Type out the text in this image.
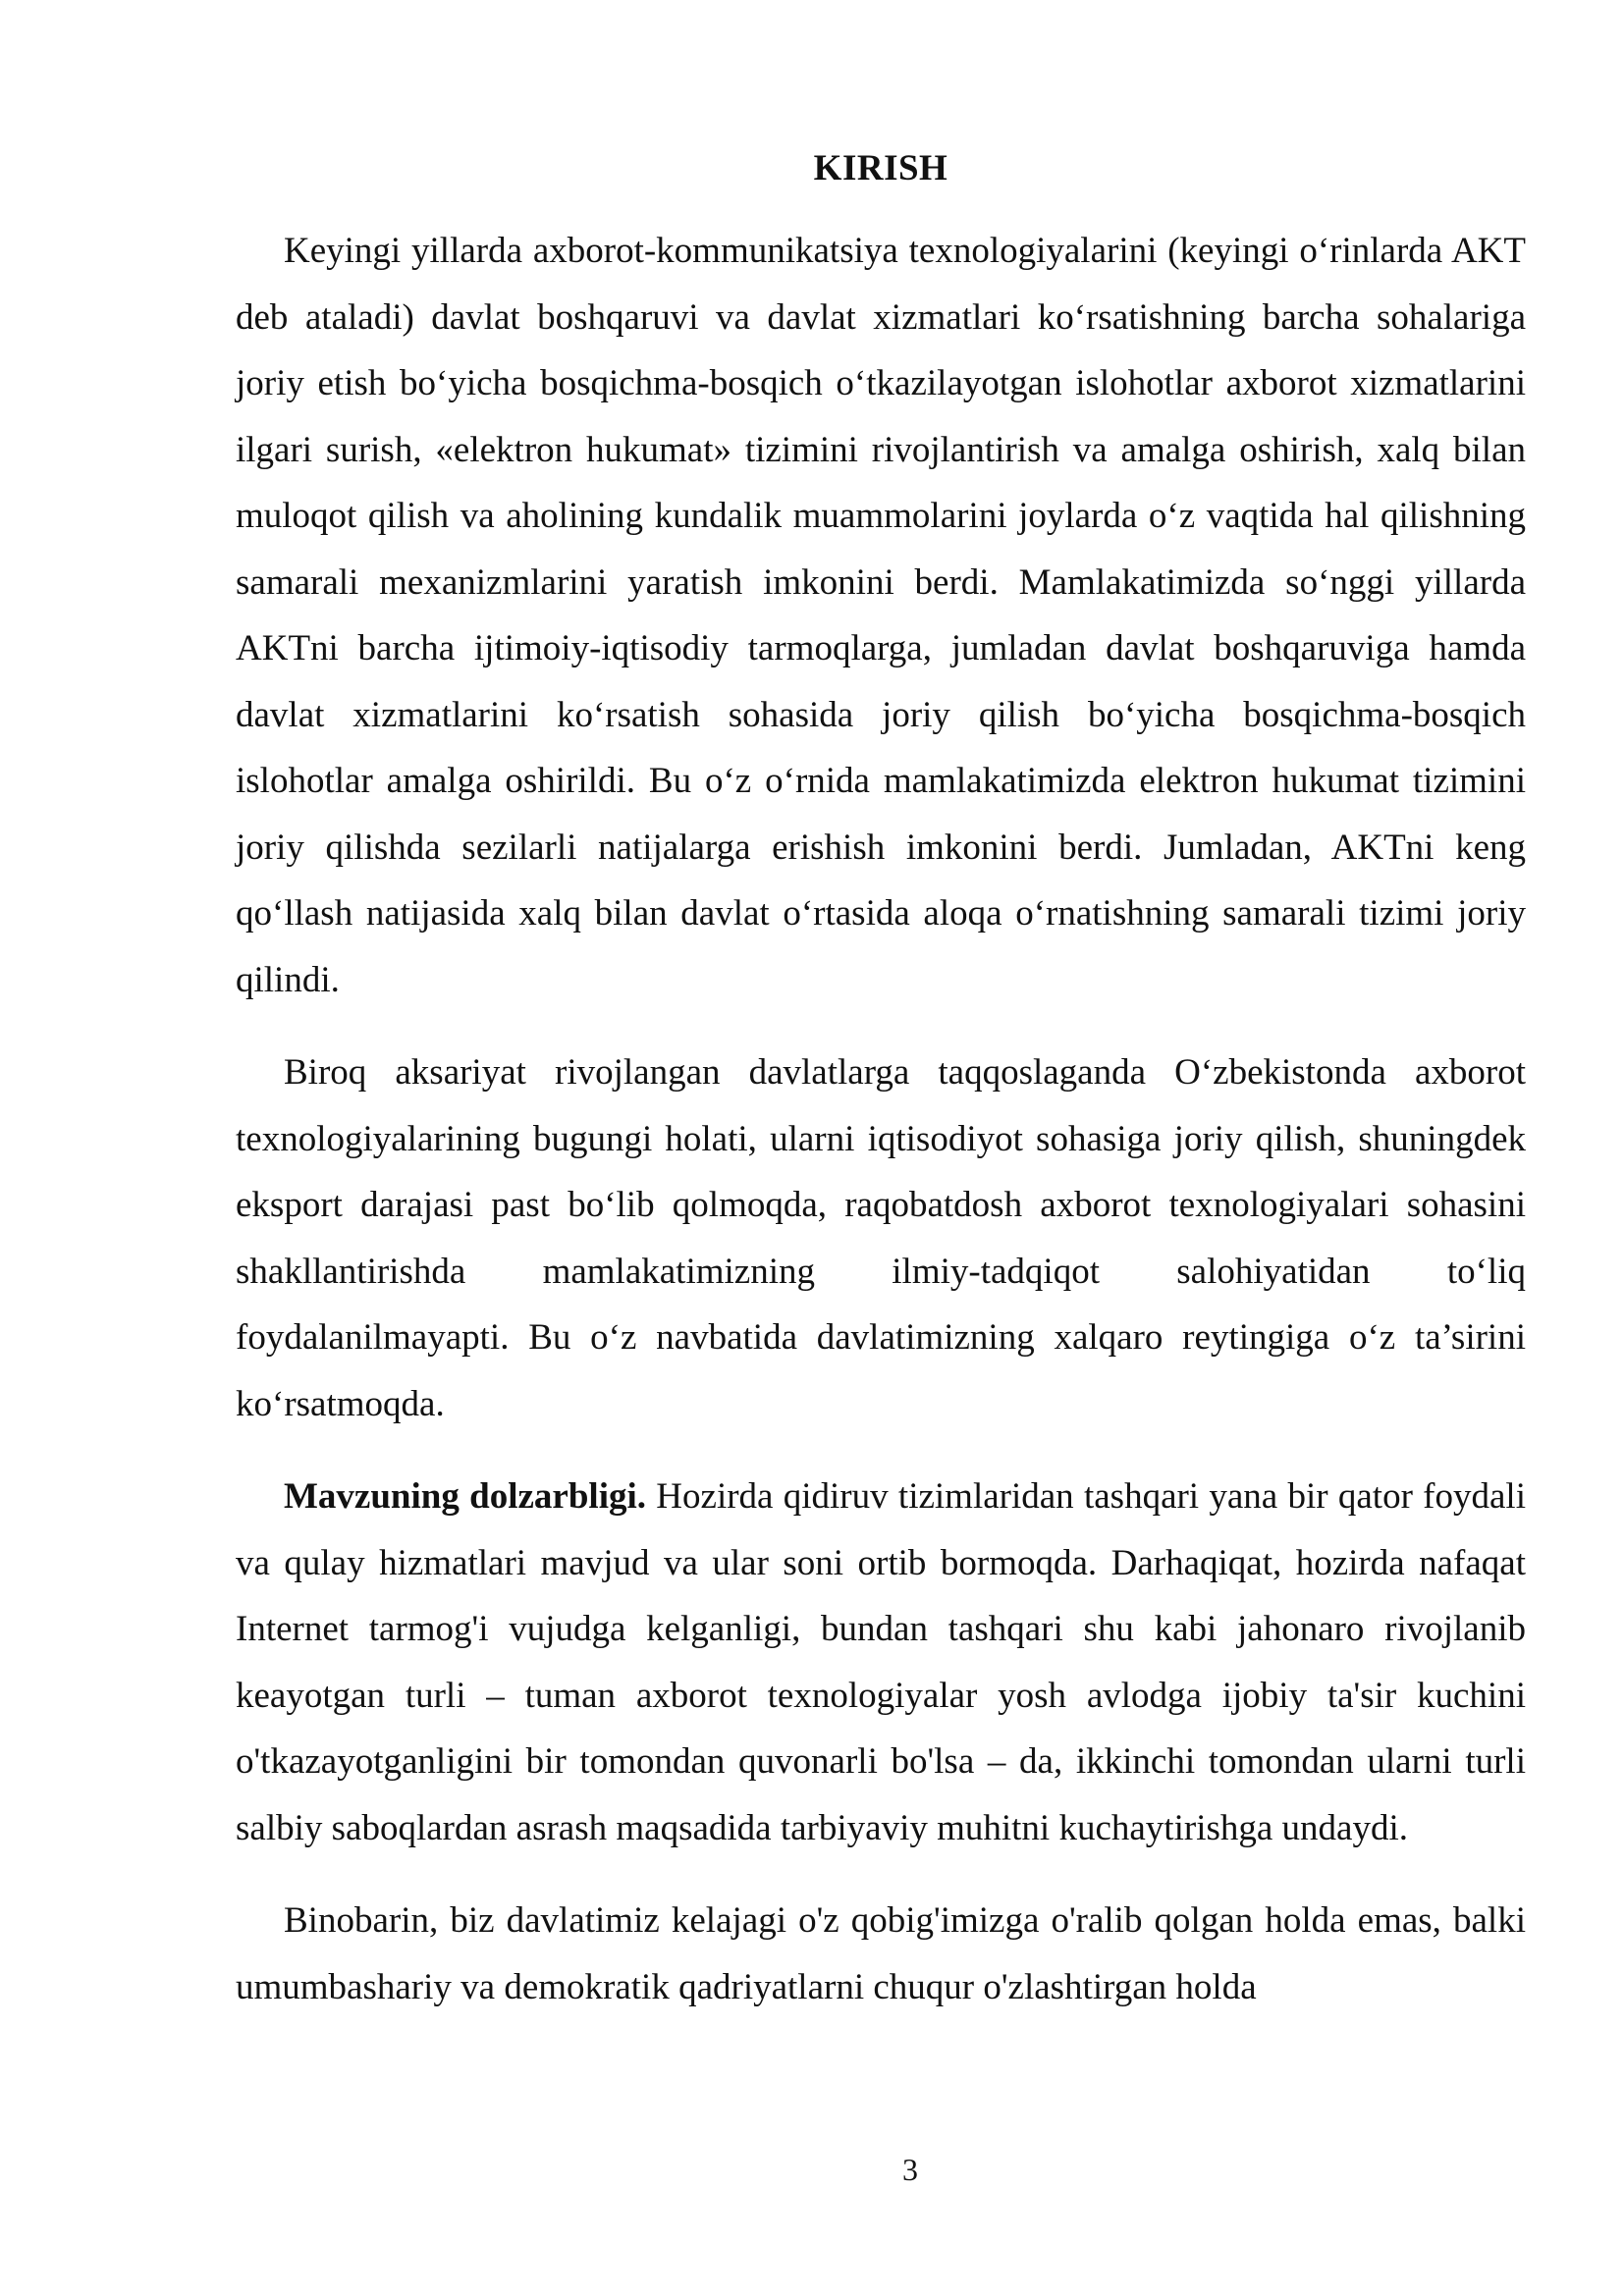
KIRISH

Keyingi yillarda axborot-kommunikatsiya texnologiyalarini (keyingi o‘rinlarda AKT deb ataladi) davlat boshqaruvi va davlat xizmatlari ko‘rsatishning barcha sohalariga joriy etish bo‘yicha bosqichma-bosqich o‘tkazilayotgan islohotlar axborot xizmatlarini ilgari surish, «elektron hukumat» tizimini rivojlantirish va amalga oshirish, xalq bilan muloqot qilish va aholining kundalik muammolarini joylarda o‘z vaqtida hal qilishning samarali mexanizmlarini yaratish imkonini berdi. Mamlakatimizda so‘nggi yillarda AKTni barcha ijtimoiy-iqtisodiy tarmoqlarga, jumladan davlat boshqaruviga hamda davlat xizmatlarini ko‘rsatish sohasida joriy qilish bo‘yicha bosqichma-bosqich islohotlar amalga oshirildi. Bu o‘z o‘rnida mamlakatimizda elektron hukumat tizimini joriy qilishda sezilarli natijalarga erishish imkonini berdi. Jumladan, AKTni keng qo‘llash natijasida xalq bilan davlat o‘rtasida aloqa o‘rnatishning samarali tizimi joriy qilindi.

Biroq aksariyat rivojlangan davlatlarga taqqoslaganda O‘zbekistonda axborot texnologiyalarining bugungi holati, ularni iqtisodiyot sohasiga joriy qilish, shuningdek eksport darajasi past bo‘lib qolmoqda, raqobatdosh axborot texnologiyalari sohasini shakllantirishda mamlakatimizning ilmiy-tadqiqot salohiyatidan to‘liq foydalanilmayapti. Bu o‘z navbatida davlatimizning xalqaro reytingiga o‘z ta’sirini ko‘rsatmoqda.

Mavzuning dolzarbligi. Hozirda qidiruv tizimlaridan tashqari yana bir qator foydali va qulay hizmatlari mavjud va ular soni ortib bormoqda. Darhaqiqat, hozirda nafaqat Internet tarmog'i vujudga kelganligi, bundan tashqari shu kabi jahonaro rivojlanib keayotgan turli – tuman axborot texnologiyalar yosh avlodga ijobiy ta'sir kuchini o'tkazayotganligini bir tomondan quvonarli bo'lsa – da, ikkinchi tomondan ularni turli salbiy saboqlardan asrash maqsadida tarbiyaviy muhitni kuchaytirishga undaydi.

Binobarin, biz davlatimiz kelajagi o'z qobig'imizga o'ralib qolgan holda emas, balki umumbashariy va demokratik qadriyatlarni chuqur o'zlashtirgan holda

3
